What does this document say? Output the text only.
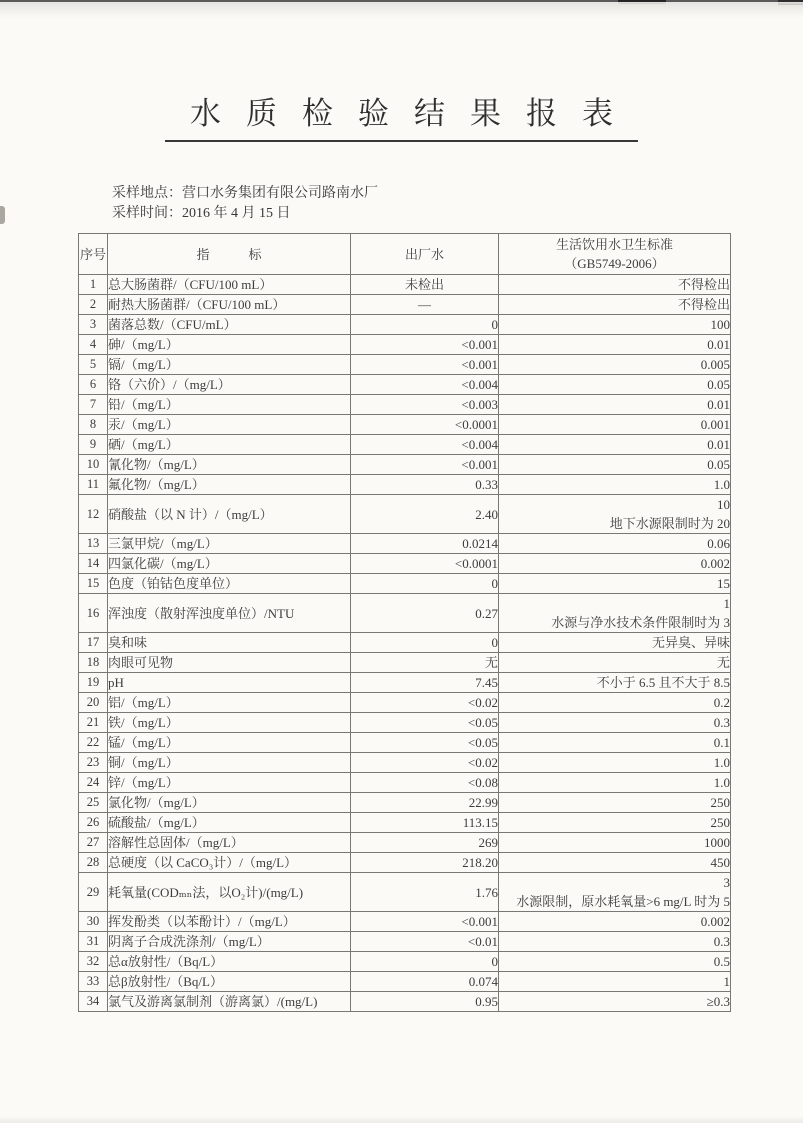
水质检验结果报表
采样地点：营口水务集团有限公司路南水厂
采样时间：2016 年 4 月 15 日
序号	指　　　标	出厂水	生活饮用水卫生标准
（GB5749-2006）

1	总大肠菌群/（CFU/100 mL）	未检出	不得检出
2	耐热大肠菌群/（CFU/100 mL）	—	不得检出
3	菌落总数/（CFU/mL）	0	100
4	砷/（mg/L）	<0.001	0.01
5	镉/（mg/L）	<0.001	0.005
6	铬（六价）/（mg/L）	<0.004	0.05
7	铅/（mg/L）	<0.003	0.01
8	汞/（mg/L）	<0.0001	0.001
9	硒/（mg/L）	<0.004	0.01
10	氰化物/（mg/L）	<0.001	0.05
11	氟化物/（mg/L）	0.33	1.0
12	硝酸盐（以 N 计）/（mg/L）	2.40	10
地下水源限制时为 20

13	三氯甲烷/（mg/L）	0.0214	0.06
14	四氯化碳/（mg/L）	<0.0001	0.002
15	色度（铂钴色度单位）	0	15
16	浑浊度（散射浑浊度单位）/NTU	0.27	1
水源与净水技术条件限制时为 3

17	臭和味	0	无异臭、异味
18	肉眼可见物	无	无
19	pH	7.45	不小于 6.5 且不大于 8.5
20	铝/（mg/L）	<0.02	0.2
21	铁/（mg/L）	<0.05	0.3
22	锰/（mg/L）	<0.05	0.1
23	铜/（mg/L）	<0.02	1.0
24	锌/（mg/L）	<0.08	1.0
25	氯化物/（mg/L）	22.99	250
26	硫酸盐/（mg/L）	113.15	250
27	溶解性总固体/（mg/L）	269	1000
28	总硬度（以 CaCO₃计）/（mg/L）	218.20	450
29	耗氧量(CODₘₙ法，以O₂计)/(mg/L)	1.76	3
水源限制，原水耗氧量>6 mg/L 时为 5

30	挥发酚类（以苯酚计）/（mg/L）	<0.001	0.002
31	阴离子合成洗涤剂/（mg/L）	<0.01	0.3
32	总α放射性/（Bq/L）	0	0.5
33	总β放射性/（Bq/L）	0.074	1
34	氯气及游离氯制剂（游离氯）/(mg/L)	0.95	≥0.3
